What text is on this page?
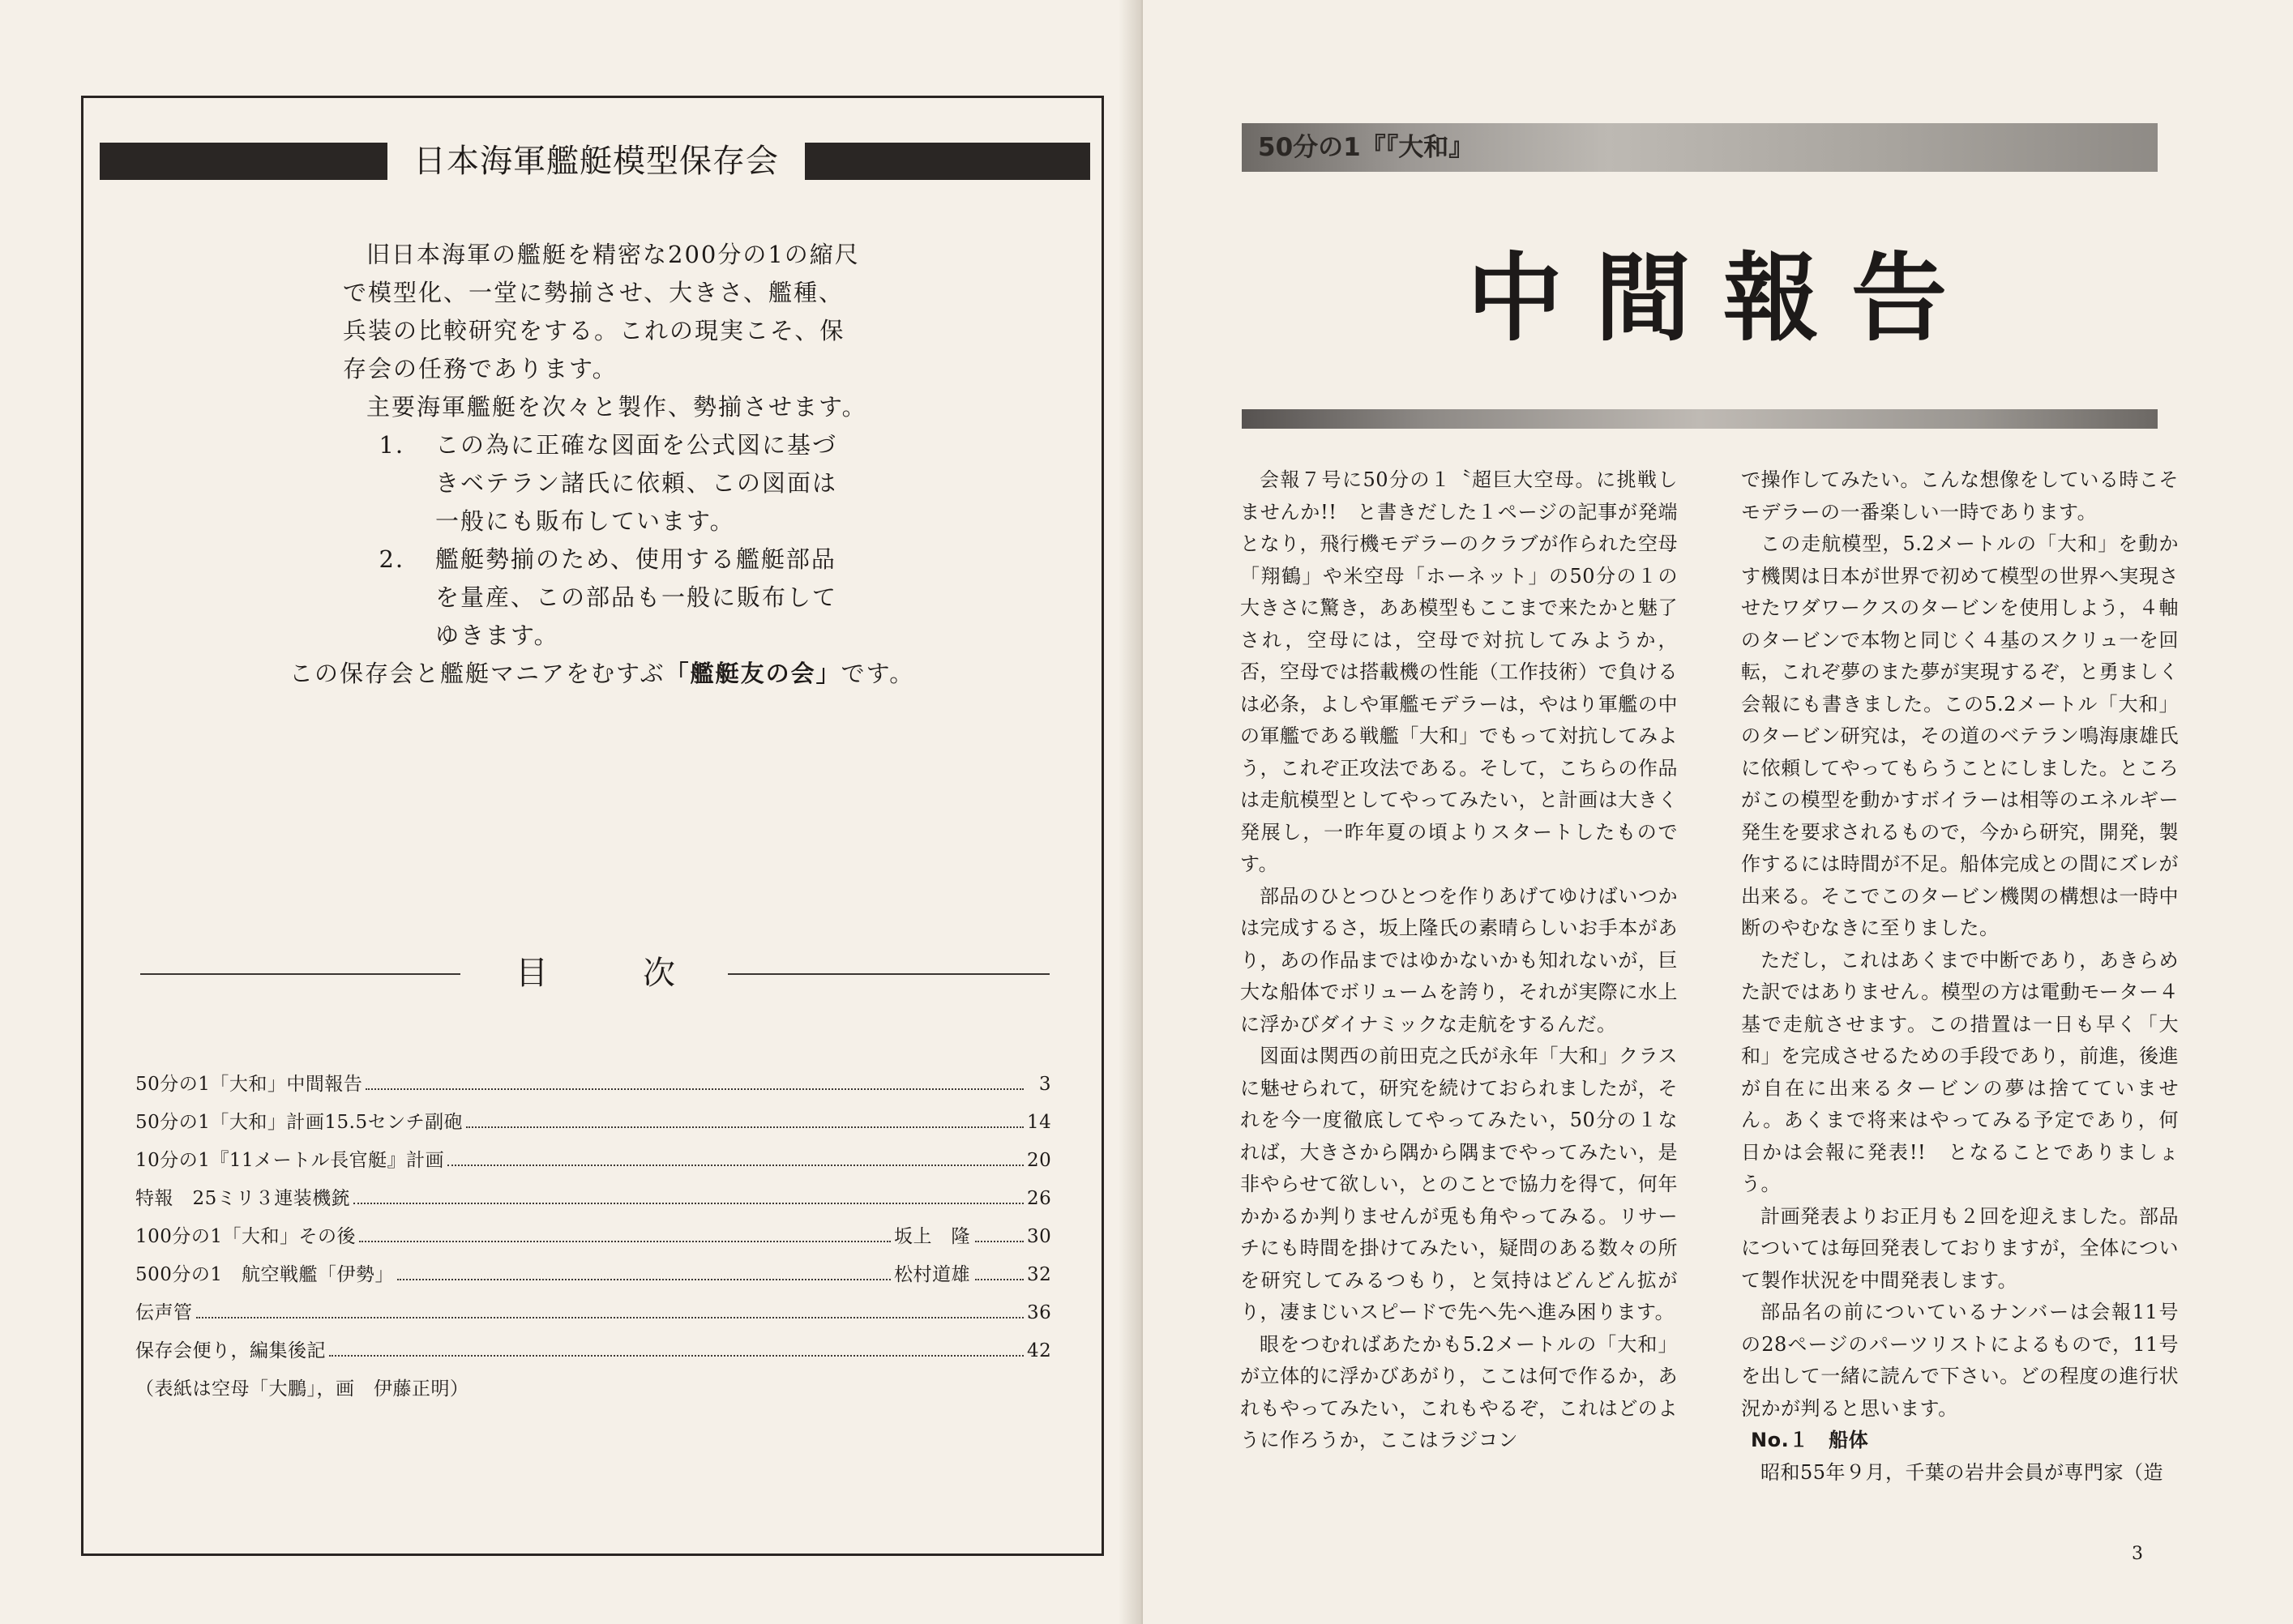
日本海軍艦艇模型保存会

旧日本海軍の艦艇を精密な200分の1の縮尺

で模型化、一堂に勢揃させ、大きさ、艦種、

兵装の比較研究をする。これの現実こそ、保

存会の任務であります。

主要海軍艦艇を次々と製作、勢揃させます。

1． この為に正確な図面を公式図に基づ

きベテラン諸氏に依頼、この図面は

一般にも販布しています。

2． 艦艇勢揃のため、使用する艦艇部品

を量産、この部品も一般に販布して

ゆきます。

この保存会と艦艇マニアをむすぶ「艦艇友の会」です。

目	次
50分の1「大和」中間報告	3
50分の1「大和」計画15.5センチ副砲	14
10分の1『11メートル長官艇』計画	20
特報　25ミリ３連装機銃	26
100分の1「大和」その後	坂上　隆	30
500分の1　航空戦艦「伊勢」	松村道雄	32
伝声管	36
保存会便り，編集後記	42
（表紙は空母「大鵬」，画　伊藤正明）
50分の1『『大和』
中間報告

会報７号に50分の１〝超巨大空母。に挑戦しませんか!!　と書きだした１ページの記事が発端となり，飛行機モデラーのクラブが作られた空母「翔鶴」や米空母「ホーネット」の50分の１の大きさに驚き，ああ模型もここまで来たかと魅了され，空母には，空母で対抗してみようか，否，空母では搭載機の性能（工作技術）で負けるは必条，よしや軍艦モデラーは，やはり軍艦の中の軍艦である戦艦「大和」でもって対抗してみよう，これぞ正攻法である。そして，こちらの作品は走航模型としてやってみたい，と計画は大きく発展し，一昨年夏の頃よりスタートしたものです。

部品のひとつひとつを作りあげてゆけばいつかは完成するさ，坂上隆氏の素晴らしいお手本があり，あの作品まではゆかないかも知れないが，巨大な船体でボリュームを誇り，それが実際に水上に浮かびダイナミックな走航をするんだ。

図面は関西の前田克之氏が永年「大和」クラスに魅せられて，研究を続けておられましたが，それを今一度徹底してやってみたい，50分の１なれば，大きさから隅から隅までやってみたい，是非やらせて欲しい，とのことで協力を得て，何年かかるか判りませんが兎も角やってみる。リサーチにも時間を掛けてみたい，疑問のある数々の所を研究してみるつもり，と気持はどんどん拡がり，凄まじいスピードで先へ先へ進み困ります。

眼をつむればあたかも5.2メートルの「大和」が立体的に浮かびあがり，ここは何で作るか，あれもやってみたい，これもやるぞ，これはどのように作ろうか，ここはラジコン

で操作してみたい。こんな想像をしている時こそモデラーの一番楽しい一時であります。

この走航模型，5.2メートルの「大和」を動かす機関は日本が世界で初めて模型の世界へ実現させたワダワークスのタービンを使用しよう，４軸のタービンで本物と同じく４基のスクリュ一を回転，これぞ夢のまた夢が実現するぞ，と勇ましく会報にも書きました。この5.2メートル「大和」のタービン研究は，その道のベテラン鳴海康雄氏に依頼してやってもらうことにしました。ところがこの模型を動かすボイラーは相等のエネルギー発生を要求されるもので，今から研究，開発，製作するには時間が不足。船体完成との間にズレが出来る。そこでこのタービン機関の構想は一時中断のやむなきに至りました。

ただし，これはあくまで中断であり，あきらめた訳ではありません。模型の方は電動モーター４基で走航させます。この措置は一日も早く「大和」を完成させるための手段であり，前進，後進が自在に出来るタービンの夢は捨てていません。あくまで将来はやってみる予定であり，何日かは会報に発表!!　となることでありましょう。

計画発表よりお正月も２回を迎えました。部品については毎回発表しておりますが，全体について製作状況を中間発表します。

部品名の前についているナンバーは会報11号の28ページのパーツリストによるもので，11号を出して一緒に読んで下さい。どの程度の進行状況かが判ると思います。

No.１　船体

昭和55年９月，千葉の岩井会員が専門家（造

3
